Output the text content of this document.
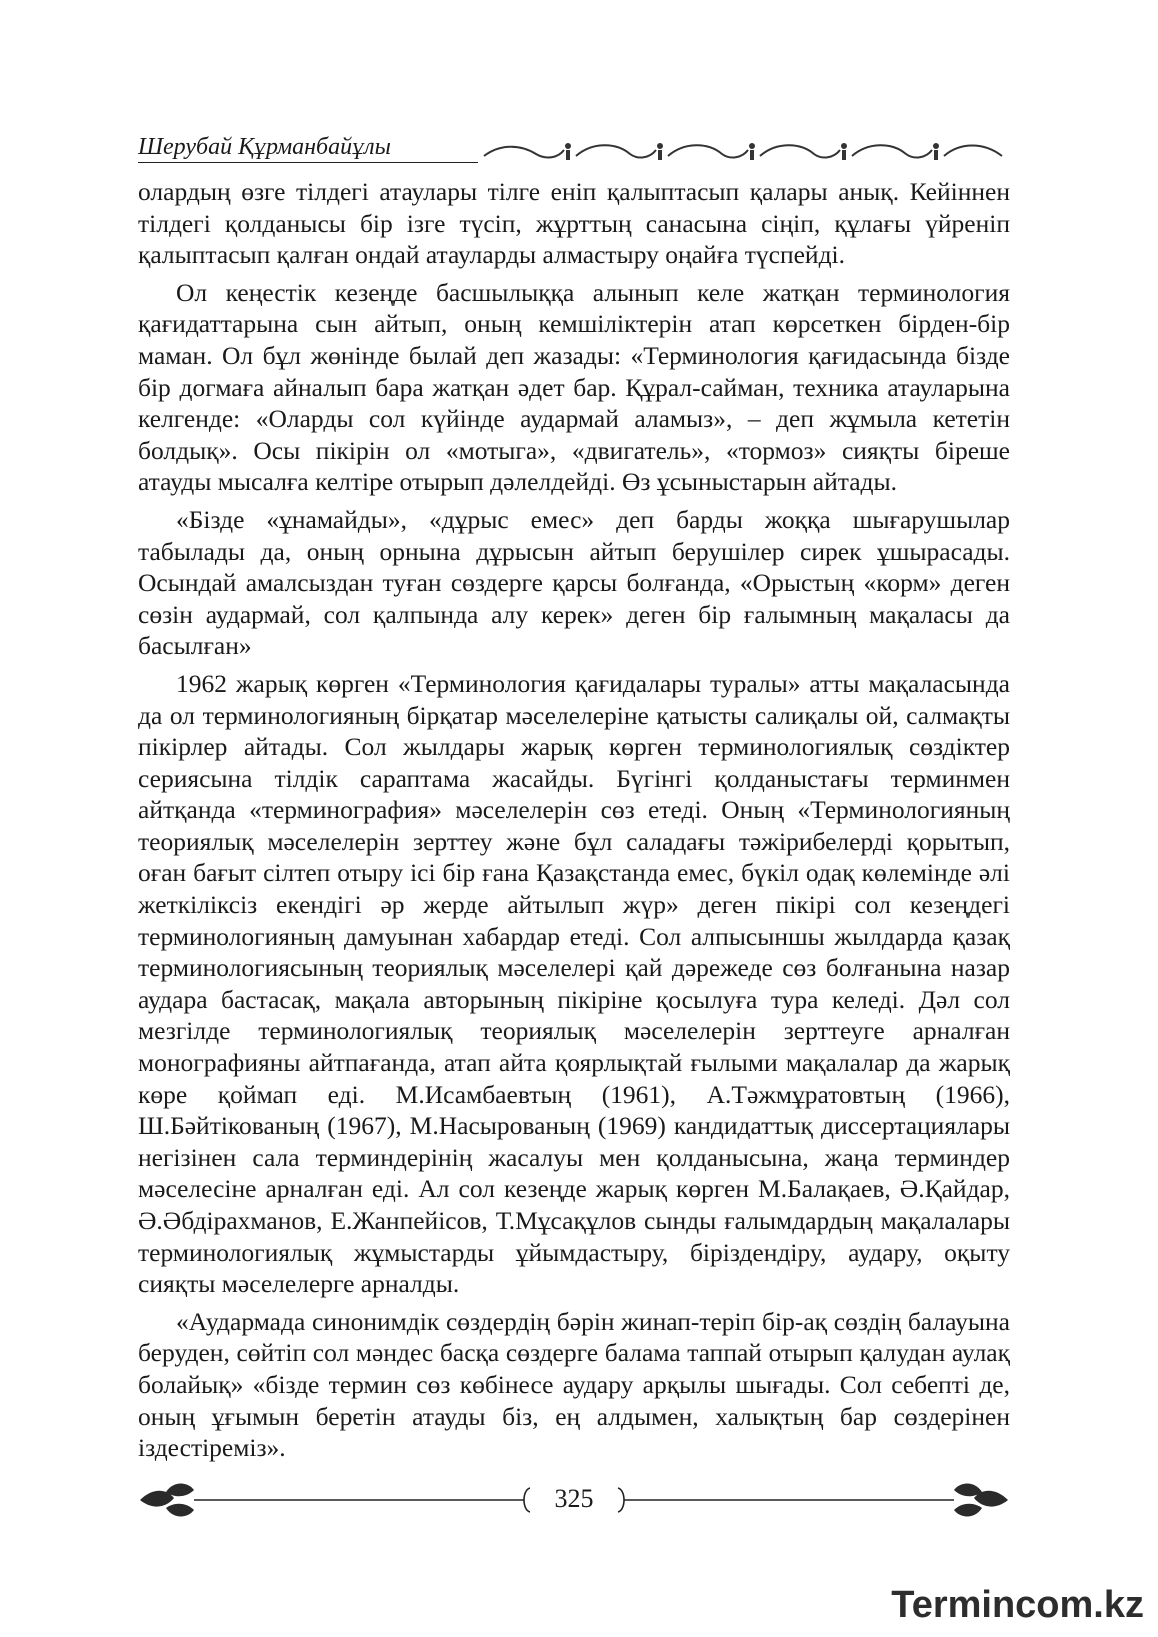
Шерубай Құрманбайұлы

олардың өзге тілдегі атаулары тілге еніп қалыптасып қалары анық. Кейіннен тілдегі қолданысы бір ізге түсіп, жұрттың санасына сіңіп, құлағы үйреніп қалыптасып қалған ондай атауларды алмастыру оңайға түспейді.

Ол кеңестік кезеңде басшылыққа алынып келе жатқан терминология қағидаттарына сын айтып, оның кемшіліктерін атап көрсеткен бірден-бір маман. Ол бұл жөнінде былай деп жазады: «Терминология қағидасында бізде бір догмаға айналып бара жатқан әдет бар. Құрал-сайман, техника атауларына келгенде: «Оларды сол күйінде аудармай аламыз», – деп жұмыла кететін болдық». Осы пікірін ол «мотыга», «двигатель», «тормоз» сияқты біреше атауды мысалға келтіре отырып дәлелдейді. Өз ұсыныстарын айтады.

«Бізде «ұнамайды», «дұрыс емес» деп барды жоққа шығарушылар табылады да, оның орнына дұрысын айтып берушілер сирек ұшырасады. Осындай амалсыздан туған сөздерге қарсы болғанда, «Орыстың «корм» деген сөзін аудармай, сол қалпында алу керек» деген бір ғалымның мақаласы да басылған»

1962 жарық көрген «Терминология қағидалары туралы» атты мақаласында да ол терминологияның бірқатар мәселелеріне қатысты салиқалы ой, салмақты пікірлер айтады. Сол жылдары жарық көрген терминологиялық сөздіктер сериясына тілдік сараптама жасайды. Бүгінгі қолданыстағы терминмен айтқанда «терминография» мәселелерін сөз етеді. Оның «Терминологияның теориялық мәселелерін зерттеу және бұл саладағы тәжірибелерді қорытып, оған бағыт сілтеп отыру ісі бір ғана Қазақстанда емес, бүкіл одақ көлемінде әлі жеткіліксіз екендігі әр жерде айтылып жүр» деген пікірі сол кезеңдегі терминологияның дамуынан хабардар етеді. Сол алпысыншы жылдарда қазақ терминологиясының теориялық мәселелері қай дәрежеде сөз болғанына назар аудара бастасақ, мақала авторының пікіріне қосылуға тура келеді. Дәл сол мезгілде терминологиялық теориялық мәселелерін зерттеуге арналған монографияны айтпағанда, атап айта қоярлықтай ғылыми мақалалар да жарық көре қоймап еді. М.Исамбаевтың (1961), А.Тәжмұратовтың (1966), Ш.Бәйтікованың (1967), М.Насырованың (1969) кандидаттық диссертациялары негізінен сала терминдерінің жасалуы мен қолданысына, жаңа терминдер мәселесіне арналған еді. Ал сол кезеңде жарық көрген М.Балақаев, Ә.Қайдар, Ә.Әбдірахманов, Е.Жанпейісов, Т.Мұсақұлов сынды ғалымдардың мақалалары терминологиялық жұмыстарды ұйымдастыру, біріздендіру, аудару, оқыту сияқты мәселелерге арналды.

«Аудармада синонимдік сөздердің бәрін жинап-теріп бір-ақ сөздің балауына беруден, сөйтіп сол мәндес басқа сөздерге балама таппай отырып қалудан аулақ болайық» «бізде термин сөз көбінесе аудару арқылы шығады. Сол себепті де, оның ұғымын беретін атауды біз, ең алдымен, халықтың бар сөздерінен іздестіреміз».

325
Termincom.kz
